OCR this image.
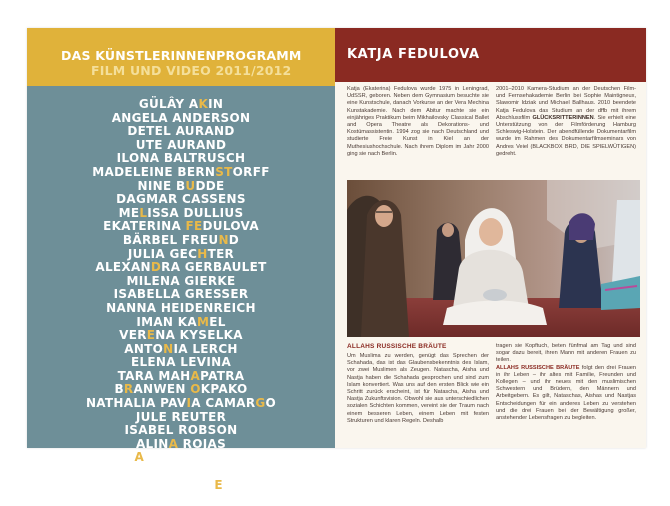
DAS KÜNSTLERINNENPROGRAMM
FILM UND VIDEO 2011/2012
GÜLÂY AKIN
ANGELA ANDERSON
DETEL AURAND
UTE AURAND
ILONA BALTRUSCH
MADELEINE BERNSTORFF
NINE BUDDE
DAGMAR CASSENS
MELISSA DULLIUS
EKATERINA FEDULOVA
BÄRBEL FREUND
JULIA GECHTER
ALEXANDRA GERBAULET
MILENA GIERKE
ISABELLA GRESSER
NANNA HEIDENREICH
IMAN KAMEL
VERENA KYSELKA
ANTONIA LERCH
ELENA LEVINA
TARA MAHAPATRA
BRANWEN OKPAKO
NATHALIA PAVIA CAMARGO
JULE REUTER
ISABEL ROBSON
ALINA ROJAS
ROMANA SCHMALISCH
SUSANNE SCHÜLE
CLARISSA THIEME
TATJANA TURANSKYJ
KATJA FEDULOVA
Katja (Ekaterina) Fedulova wurde 1975 in Leningrad, UdSSR, geboren. Neben dem Gymnasium besuchte sie eine Kunstschule, danach Vorkurse an der Vera Mechina Kunstakademie. Nach dem Abitur machte sie ein einjähriges Praktikum beim Mikhailovsky Classical Ballet and Opera Theatre als Dekorations- und Kostümassistentin. 1994 zog sie nach Deutschland und studierte Freie Kunst in Kiel an der Muthesiushochschule. Nach ihrem Diplom im Jahr 2000 ging sie nach Berlin.
2001–2010 Kamera-Studium an der Deutschen Film- und Fernsehakademie Berlin bei Sophie Maintigneux, Slawomir Idziak und Michael Ballhaus. 2010 beendete Katja Fedulova das Studium an der dffb mit ihrem Abschlussfilm GLÜCKSRITTERINNEN. Sie erhielt eine Unterstützung von der Filmförderung Hamburg Schleswig-Holstein. Der abendfüllende Dokumentarfilm wurde im Rahmen des Dokumentarfilmseminars von Andres Veiel (BLACKBOX BRD, DIE SPIELWÜTIGEN) gedreht.
ALLAHS RUSSISCHE BRÄUTE
Um Muslima zu werden, genügt das Sprechen der Schahada, das ist das Glaubensbekenntnis des Islam, vor zwei Muslimen als Zeugen. Natascha, Aisha und Nastja haben die Schahada gesprochen und sind zum Islam konvertiert. Was uns auf den ersten Blick wie ein Schritt zurück erscheint, ist für Natascha, Aisha und Nastja Zukunftsvision. Obwohl sie aus unterschiedlichen sozialen Schichten kommen, vereint sie der Traum nach einem besseren Leben, einem Leben mit festen Strukturen und klaren Regeln. Deshalb
tragen sie Kopftuch, beten fünfmal am Tag und sind sogar dazu bereit, ihren Mann mit anderen Frauen zu teilen.
ALLAHS RUSSISCHE BRÄUTE folgt den drei Frauen in ihr Leben – ihr altes mit Familie, Freunden und Kollegen – und ihr neues mit den muslimischen Schwestern und Brüdern, den Männern und Arbeitgebern. Es gilt, Nataschas, Aishas und Nastjas Entscheidungen für ein anderes Leben zu verstehen und die drei Frauen bei der Bewältigung großer, anstehender Lebensfragen zu begleiten.
